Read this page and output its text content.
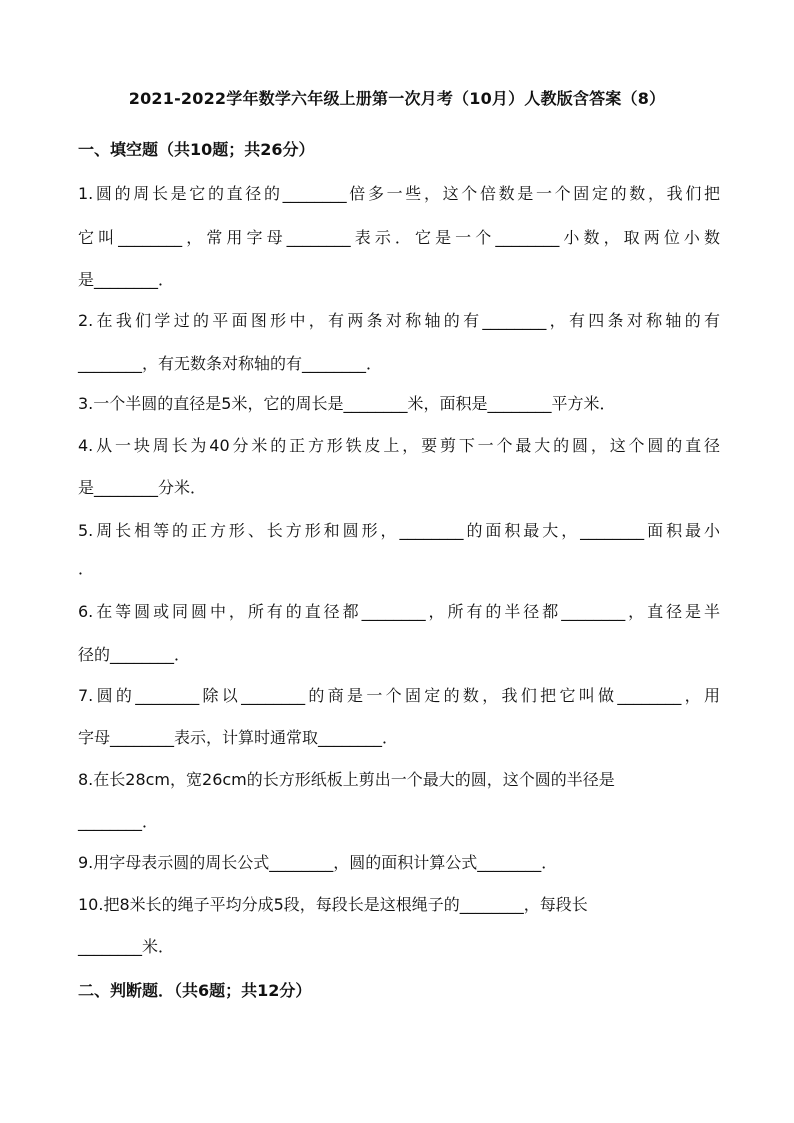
2021-2022学年数学六年级上册第一次月考（10月）人教版含答案（8）
一、填空题（共10题；共26分）
1.圆的周长是它的直径的________倍多一些，这个倍数是一个固定的数，我们把
它叫________，常用字母________表示．它是一个________小数，取两位小数
是________．
2.在我们学过的平面图形中，有两条对称轴的有________，有四条对称轴的有
________，有无数条对称轴的有________．
3.一个半圆的直径是5米，它的周长是________米，面积是________平方米．
4.从一块周长为40分米的正方形铁皮上，要剪下一个最大的圆，这个圆的直径
是________分米．
5.周长相等的正方形、长方形和圆形，________的面积最大，________面积最小
．
6.在等圆或同圆中，所有的直径都________，所有的半径都________，直径是半
径的________．
7.圆的________除以________的商是一个固定的数，我们把它叫做________，用
字母________表示，计算时通常取________．
8.在长28cm，宽26cm的长方形纸板上剪出一个最大的圆，这个圆的半径是
________．
9.用字母表示圆的周长公式________，圆的面积计算公式________．
10.把8米长的绳子平均分成5段，每段长是这根绳子的________，每段长
________米．
二、判断题．（共6题；共12分）
